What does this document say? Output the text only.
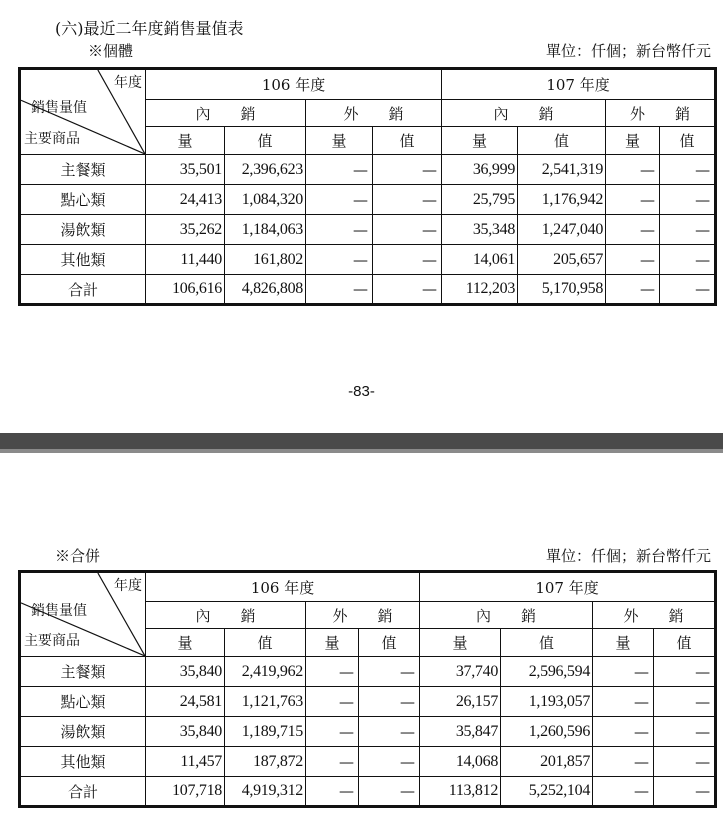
(六)最近二年度銷售量值表
※個體	單位：仟個；新台幣仟元
年度
銷售量值
主要商品	106 年度				107 年度			
	內　　銷		外　　銷		內　　銷		外　　銷	
	量	值	量	值	量	值	量	值
主餐類	35,501	2,396,623	—	—	36,999	2,541,319	—	—
點心類	24,413	1,084,320	—	—	25,795	1,176,942	—	—
湯飲類	35,262	1,184,063	—	—	35,348	1,247,040	—	—
其他類	11,440	161,802	—	—	14,061	205,657	—	—
合計	106,616	4,826,808	—	—	112,203	5,170,958	—	—
-83-
※合併	單位：仟個；新台幣仟元
年度
銷售量值
主要商品	106 年度				107 年度			
	內　　銷		外　　銷		內　　銷		外　　銷	
	量	值	量	值	量	值	量	值
主餐類	35,840	2,419,962	—	—	37,740	2,596,594	—	—
點心類	24,581	1,121,763	—	—	26,157	1,193,057	—	—
湯飲類	35,840	1,189,715	—	—	35,847	1,260,596	—	—
其他類	11,457	187,872	—	—	14,068	201,857	—	—
合計	107,718	4,919,312	—	—	113,812	5,252,104	—	—
